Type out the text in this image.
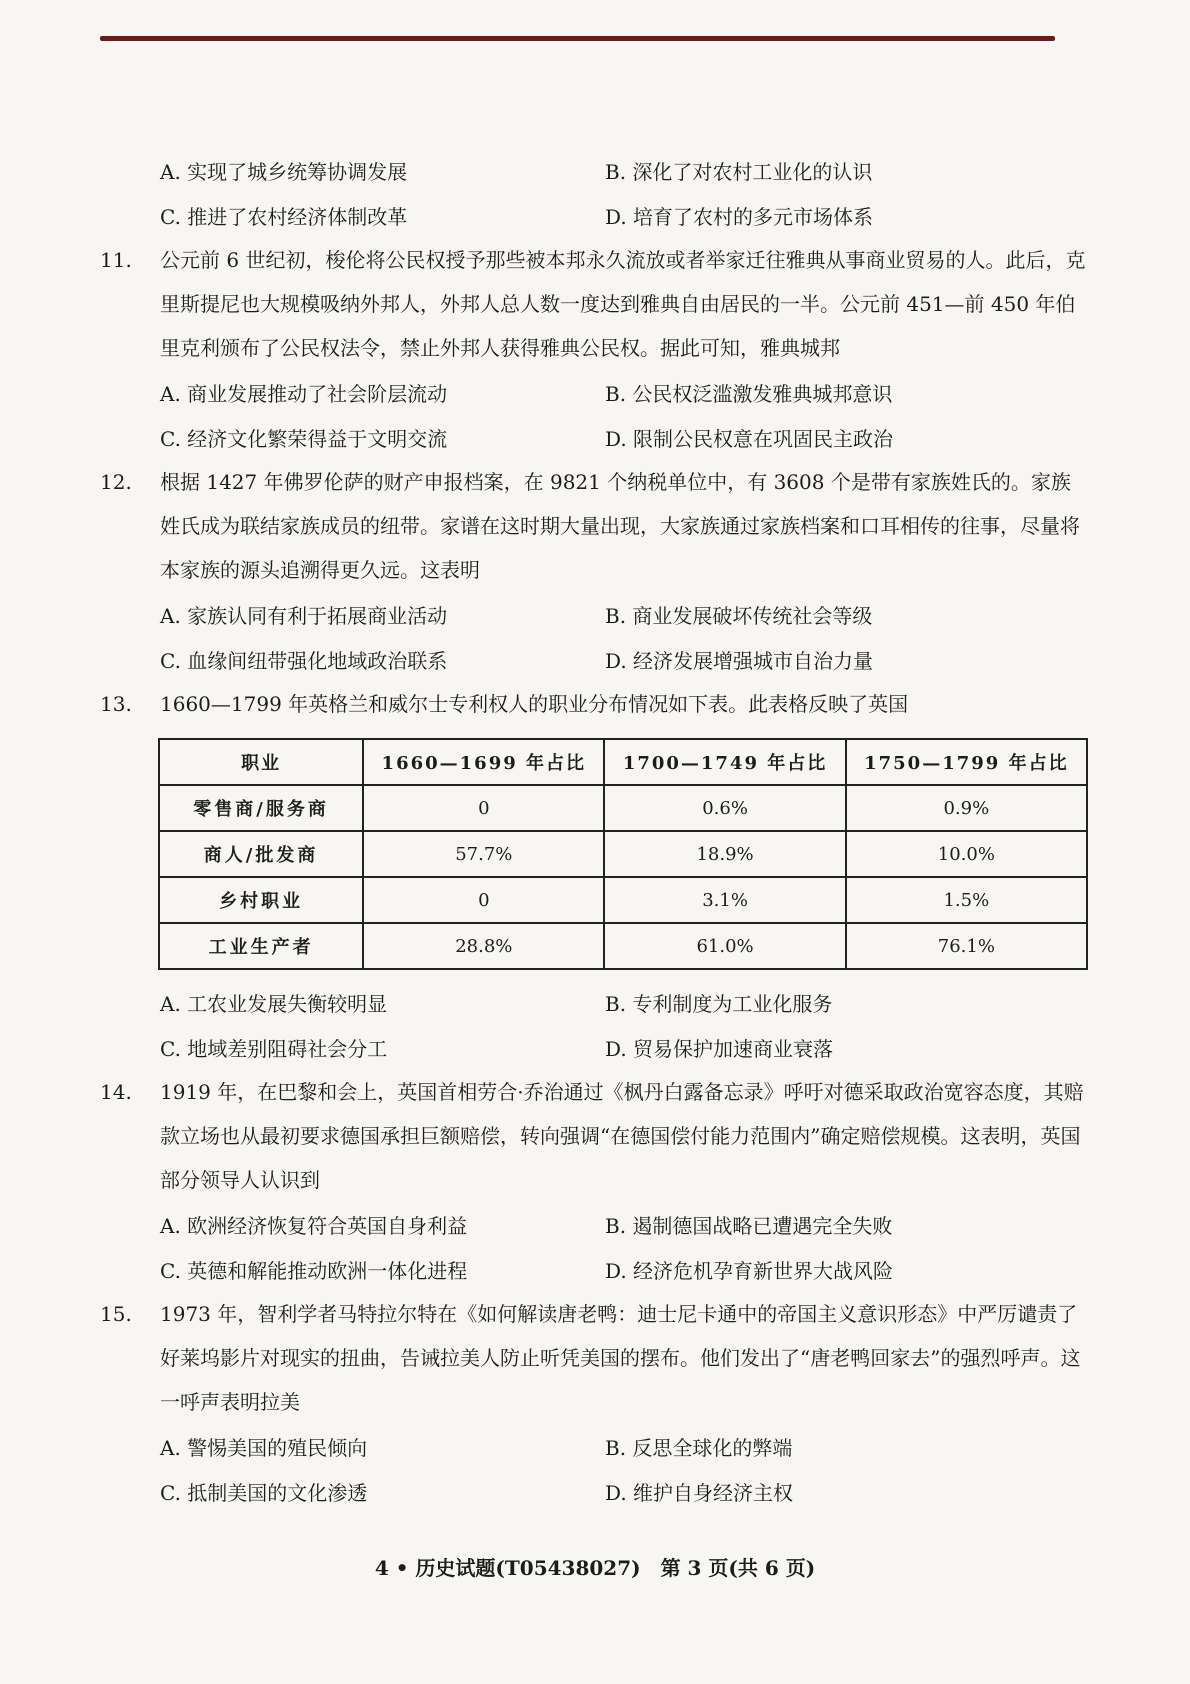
A. 实现了城乡统筹协调发展	B. 深化了对农村工业化的认识
C. 推进了农村经济体制改革	D. 培育了农村的多元市场体系
11. 公元前 6 世纪初，梭伦将公民权授予那些被本邦永久流放或者举家迁往雅典从事商业贸易的人。此后，克里斯提尼也大规模吸纳外邦人，外邦人总人数一度达到雅典自由居民的一半。公元前 451—前 450 年伯里克利颁布了公民权法令，禁止外邦人获得雅典公民权。据此可知，雅典城邦
A. 商业发展推动了社会阶层流动	B. 公民权泛滥激发雅典城邦意识
C. 经济文化繁荣得益于文明交流	D. 限制公民权意在巩固民主政治
12. 根据 1427 年佛罗伦萨的财产申报档案，在 9821 个纳税单位中，有 3608 个是带有家族姓氏的。家族姓氏成为联结家族成员的纽带。家谱在这时期大量出现，大家族通过家族档案和口耳相传的往事，尽量将本家族的源头追溯得更久远。这表明
A. 家族认同有利于拓展商业活动	B. 商业发展破坏传统社会等级
C. 血缘间纽带强化地域政治联系	D. 经济发展增强城市自治力量
13. 1660—1799 年英格兰和威尔士专利权人的职业分布情况如下表。此表格反映了英国
职业	1660—1699 年占比	1700—1749 年占比	1750—1799 年占比
零售商/服务商	0	0.6%	0.9%
商人/批发商	57.7%	18.9%	10.0%
乡村职业	0	3.1%	1.5%
工业生产者	28.8%	61.0%	76.1%
A. 工农业发展失衡较明显	B. 专利制度为工业化服务
C. 地域差别阻碍社会分工	D. 贸易保护加速商业衰落
14. 1919 年，在巴黎和会上，英国首相劳合·乔治通过《枫丹白露备忘录》呼吁对德采取政治宽容态度，其赔款立场也从最初要求德国承担巨额赔偿，转向强调“在德国偿付能力范围内”确定赔偿规模。这表明，英国部分领导人认识到
A. 欧洲经济恢复符合英国自身利益	B. 遏制德国战略已遭遇完全失败
C. 英德和解能推动欧洲一体化进程	D. 经济危机孕育新世界大战风险
15. 1973 年，智利学者马特拉尔特在《如何解读唐老鸭：迪士尼卡通中的帝国主义意识形态》中严厉谴责了好莱坞影片对现实的扭曲，告诫拉美人防止听凭美国的摆布。他们发出了“唐老鸭回家去”的强烈呼声。这一呼声表明拉美
A. 警惕美国的殖民倾向	B. 反思全球化的弊端
C. 抵制美国的文化渗透	D. 维护自身经济主权
4 • 历史试题(T05438027)　第 3 页(共 6 页)
